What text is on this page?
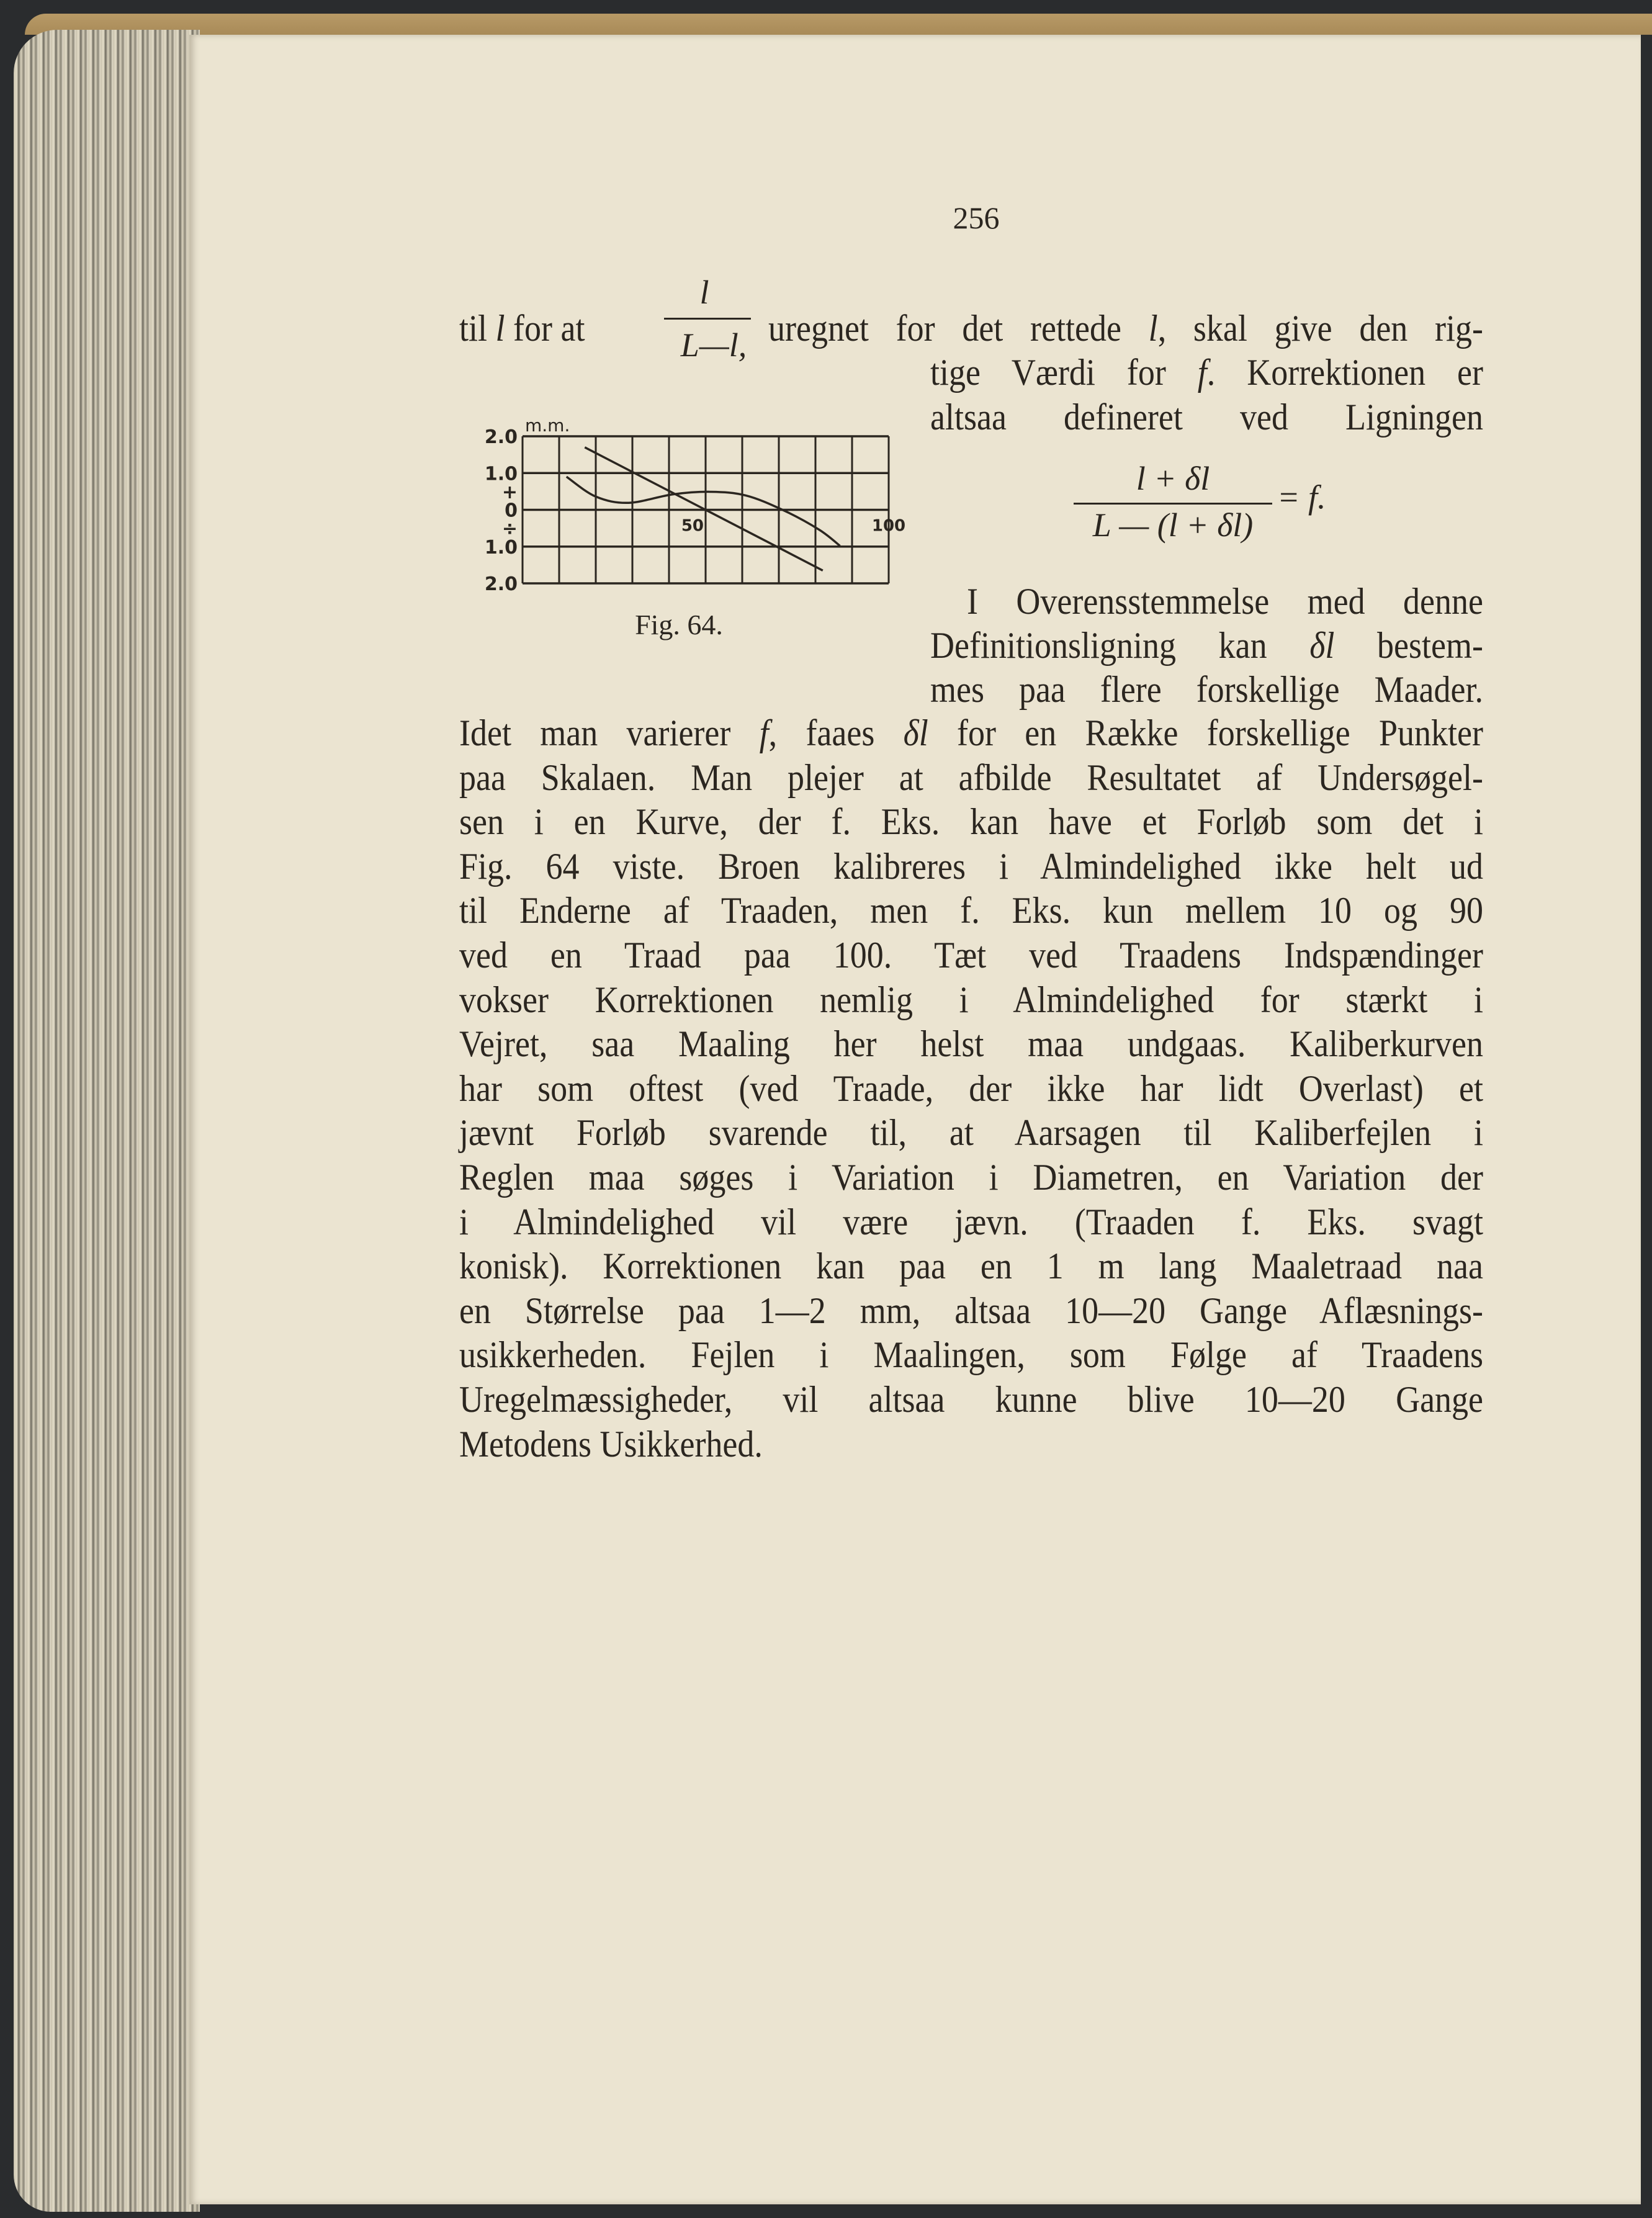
256
til l for at
l
L—l, uregnet for det rettede l, skal give den rig-
l + δl
L — (l + δl)
= f.
2.0
1.0
+
0
÷
1.0
2.0
m.m.
50	100
Fig. 64.
tige Værdi for f. Korrektionen er
altsaa defineret ved Ligningen
I Overensstemmelse med denne
Definitionsligning kan δl bestem-
mes paa flere forskellige Maader.
Idet man varierer f, faaes δl for en Række forskellige Punkter
paa Skalaen. Man plejer at afbilde Resultatet af Undersøgel-
sen i en Kurve, der f. Eks. kan have et Forløb som det i
Fig. 64 viste. Broen kalibreres i Almindelighed ikke helt ud
til Enderne af Traaden, men f. Eks. kun mellem 10 og 90
ved en Traad paa 100. Tæt ved Traadens Indspændinger
vokser Korrektionen nemlig i Almindelighed for stærkt i
Vejret, saa Maaling her helst maa undgaas. Kaliberkurven
har som oftest (ved Traade, der ikke har lidt Overlast) et
jævnt Forløb svarende til, at Aarsagen til Kaliberfejlen i
Reglen maa søges i Variation i Diametren, en Variation der
i Almindelighed vil være jævn. (Traaden f. Eks. svagt
konisk). Korrektionen kan paa en 1 m lang Maaletraad naa
en Størrelse paa 1—2 mm, altsaa 10—20 Gange Aflæsnings-
usikkerheden. Fejlen i Maalingen, som Følge af Traadens
Uregelmæssigheder, vil altsaa kunne blive 10—20 Gange
Metodens Usikkerhed.
